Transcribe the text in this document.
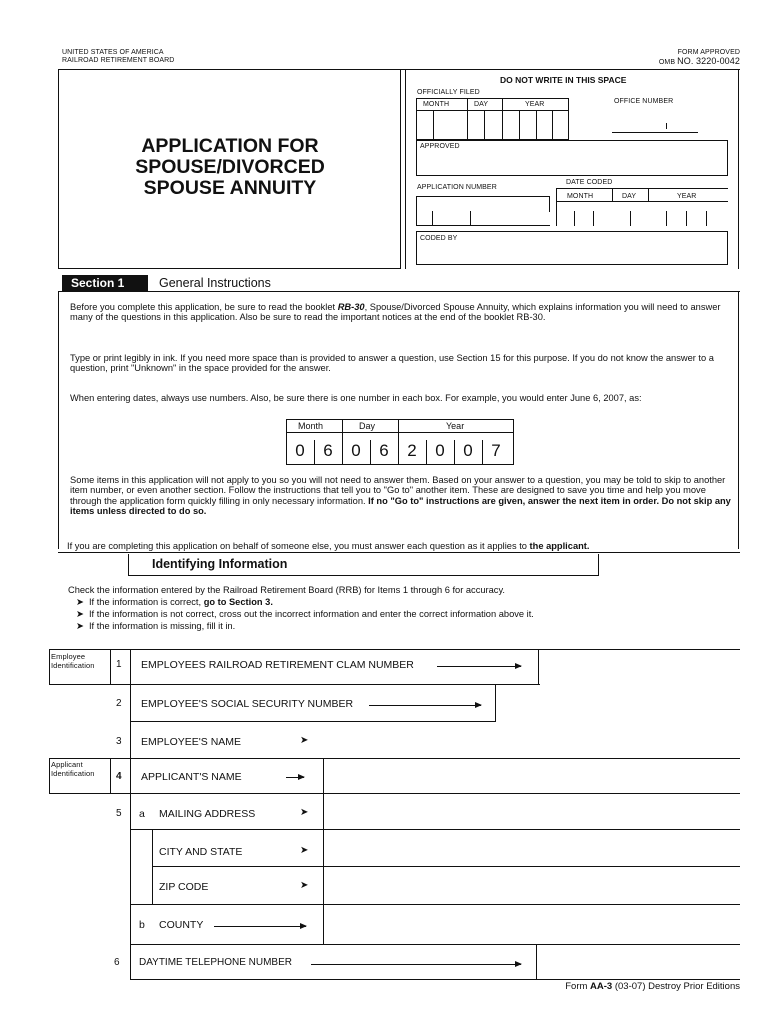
UNITED STATES OF AMERICA
RAILROAD RETIREMENT BOARD
FORM APPROVED
OMB NO. 3220-0042
APPLICATION FOR
SPOUSE/DIVORCED
SPOUSE ANNUITY
DO NOT WRITE IN THIS SPACE
OFFICIALLY FILED
MONTH	DAY	YEAR	OFFICE NUMBER
APPROVED
APPLICATION NUMBER
DATE CODED
MONTH	DAY	YEAR
CODED BY
Section 1	General Instructions
Before you complete this application, be sure to read the booklet RB-30, Spouse/Divorced Spouse Annuity, which explains information you will need to answer many of the questions in this application. Also be sure to read the important notices at the end of the booklet RB-30.
Type or print legibly in ink. If you need more space than is provided to answer a question, use Section 15 for this purpose. If you do not know the answer to a question, print "Unknown" in the space provided for the answer.
When entering dates, always use numbers. Also, be sure there is one number in each box. For example, you would enter June 6, 2007, as:
Month	Day	Year
0	6	0	6	2	0	0	7
Some items in this application will not apply to you so you will not need to answer them. Based on your answer to a question, you may be told to skip to another item number, or even another section. Follow the instructions that tell you to "Go to" another item. These are designed to save you time and help you move through the application form quickly filling in only necessary information. If no "Go to" instructions are given, answer the next item in order. Do not skip any items unless directed to do so.
If you are completing this application on behalf of someone else, you must answer each question as it applies to the applicant.
Identifying Information
Check the information entered by the Railroad Retirement Board (RRB) for Items 1 through 6 for accuracy.
➤  If the information is correct, go to Section 3.
➤  If the information is not correct, cross out the incorrect information and enter the correct information above it.
➤  If the information is missing, fill it in.
Employee Identification	1 EMPLOYEES RAILROAD RETIREMENT CLAM NUMBER
2 EMPLOYEE'S SOCIAL SECURITY NUMBER
3 EMPLOYEE'S NAME	➤
Applicant Identification	4 APPLICANT'S NAME
5 a MAILING ADDRESS	➤
CITY AND STATE	➤
ZIP CODE	➤
b COUNTY
6 DAYTIME TELEPHONE NUMBER
Form AA-3 (03-07) Destroy Prior Editions
